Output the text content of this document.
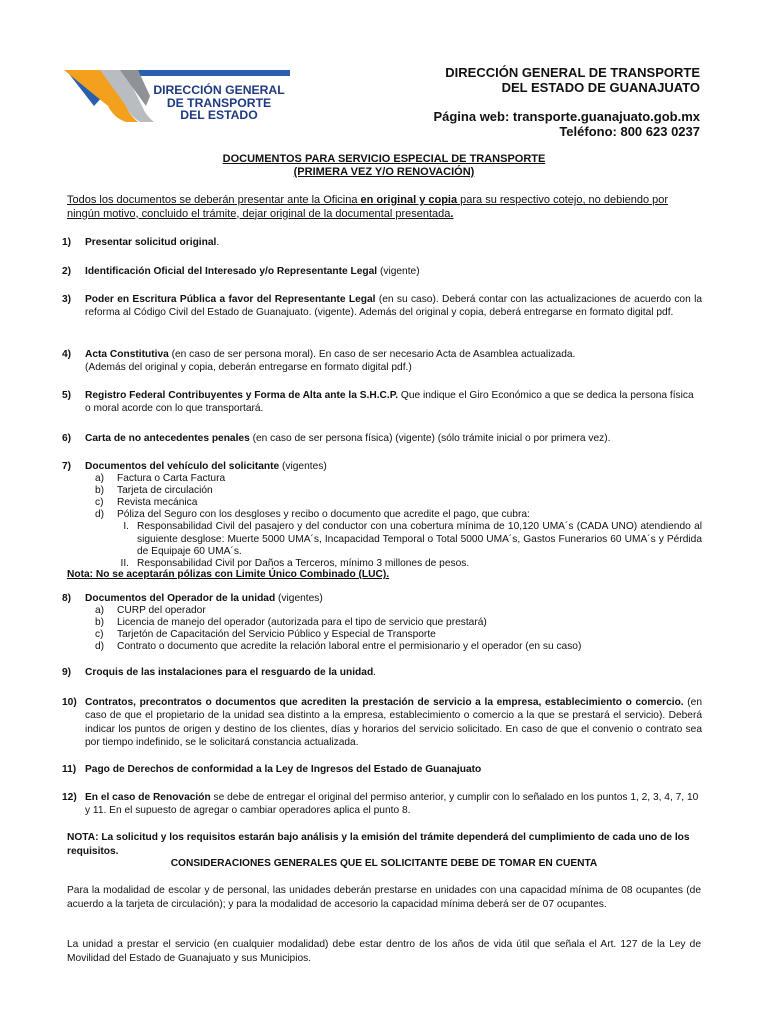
DIRECCIÓN GENERAL
DE TRANSPORTE
DEL ESTADO
DIRECCIÓN GENERAL DE TRANSPORTE
DEL ESTADO DE GUANAJUATO
Página web: transporte.guanajuato.gob.mx
Teléfono: 800 623 0237
DOCUMENTOS PARA SERVICIO ESPECIAL DE TRANSPORTE
(PRIMERA VEZ Y/O RENOVACIÓN)
Todos los documentos se deberán presentar ante la Oficina en original y copia para su respectivo cotejo, no debiendo por ningún motivo, concluido el trámite, dejar original de la documental presentada.
1) Presentar solicitud original.
2) Identificación Oficial del Interesado y/o Representante Legal (vigente)
3) Poder en Escritura Pública a favor del Representante Legal (en su caso). Deberá contar con las actualizaciones de acuerdo con la reforma al Código Civil del Estado de Guanajuato. (vigente). Además del original y copia, deberá entregarse en formato digital pdf.
4) Acta Constitutiva (en caso de ser persona moral). En caso de ser necesario Acta de Asamblea actualizada.
(Además del original y copia, deberán entregarse en formato digital pdf.)
5) Registro Federal Contribuyentes y Forma de Alta ante la S.H.C.P. Que indique el Giro Económico a que se dedica la persona física o moral acorde con lo que transportará.
6) Carta de no antecedentes penales (en caso de ser persona física) (vigente) (sólo trámite inicial o por primera vez).
7) Documentos del vehículo del solicitante (vigentes)
a) Factura o Carta Factura
b) Tarjeta de circulación
c) Revista mecánica
d) Póliza del Seguro con los desgloses y recibo o documento que acredite el pago, que cubra:
I. Responsabilidad Civil del pasajero y del conductor con una cobertura mínima de 10,120 UMA´s (CADA UNO) atendiendo al siguiente desglose: Muerte 5000 UMA´s, Incapacidad Temporal o Total 5000 UMA´s, Gastos Funerarios 60 UMA´s y Pérdida de Equipaje 60 UMA´s.
II. Responsabilidad Civil por Daños a Terceros, mínimo 3 millones de pesos.
Nota: No se aceptarán pólizas con Limite Único Combinado (LUC).
8) Documentos del Operador de la unidad (vigentes)
a) CURP del operador
b) Licencia de manejo del operador (autorizada para el tipo de servicio que prestará)
c) Tarjetón de Capacitación del Servicio Público y Especial de Transporte
d) Contrato o documento que acredite la relación laboral entre el permisionario y el operador (en su caso)
9) Croquis de las instalaciones para el resguardo de la unidad.
10) Contratos, precontratos o documentos que acrediten la prestación de servicio a la empresa, establecimiento o comercio. (en caso de que el propietario de la unidad sea distinto a la empresa, establecimiento o comercio a la que se prestará el servicio). Deberá indicar los puntos de origen y destino de los clientes, días y horarios del servicio solicitado. En caso de que el convenio o contrato sea por tiempo indefinido, se le solicitará constancia actualizada.
11) Pago de Derechos de conformidad a la Ley de Ingresos del Estado de Guanajuato
12) En el caso de Renovación se debe de entregar el original del permiso anterior, y cumplir con lo señalado en los puntos 1, 2, 3, 4, 7, 10 y 11. En el supuesto de agregar o cambiar operadores aplica el punto 8.
NOTA: La solicitud y los requisitos estarán bajo análisis y la emisión del trámite dependerá del cumplimiento de cada uno de los requisitos.
CONSIDERACIONES GENERALES QUE EL SOLICITANTE DEBE DE TOMAR EN CUENTA
Para la modalidad de escolar y de personal, las unidades deberán prestarse en unidades con una capacidad mínima de 08 ocupantes (de acuerdo a la tarjeta de circulación); y para la modalidad de accesorio la capacidad mínima deberá ser de 07 ocupantes.
La unidad a prestar el servicio (en cualquier modalidad) debe estar dentro de los años de vida útil que señala el Art. 127 de la Ley de Movilidad del Estado de Guanajuato y sus Municipios.
